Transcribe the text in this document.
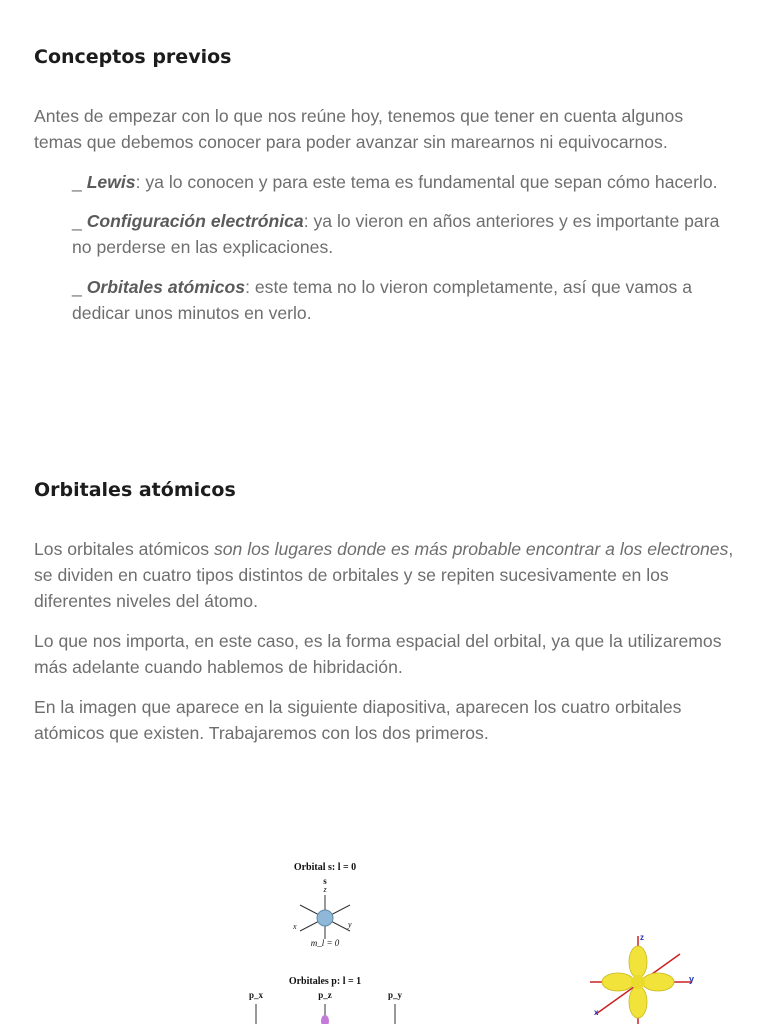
Conceptos previos

Antes de empezar con lo que nos reúne hoy, tenemos que tener en cuenta algunos temas que debemos conocer para poder avanzar sin marearnos ni equivocarnos.

_ Lewis: ya lo conocen y para este tema es fundamental que sepan cómo hacerlo.

_ Configuración electrónica: ya lo vieron en años anteriores y es importante para no perderse en las explicaciones.

_ Orbitales atómicos: este tema no lo vieron completamente, así que vamos a dedicar unos minutos en verlo.

Orbitales atómicos

Los orbitales atómicos son los lugares donde es más probable encontrar a los electrones, se dividen en cuatro tipos distintos de orbitales y se repiten sucesivamente en los diferentes niveles del átomo.

Lo que nos importa, en este caso, es la forma espacial del orbital, ya que la utilizaremos más adelante cuando hablemos de hibridación.

En la imagen que aparece en la siguiente diapositiva, aparecen los cuatro orbitales atómicos que existen. Trabajaremos con los dos primeros.

Orbital s: l = 0
s
z
x	y
m_l = 0
Orbitales p: l = 1
p_x	p_z	p_y
z
y
x
